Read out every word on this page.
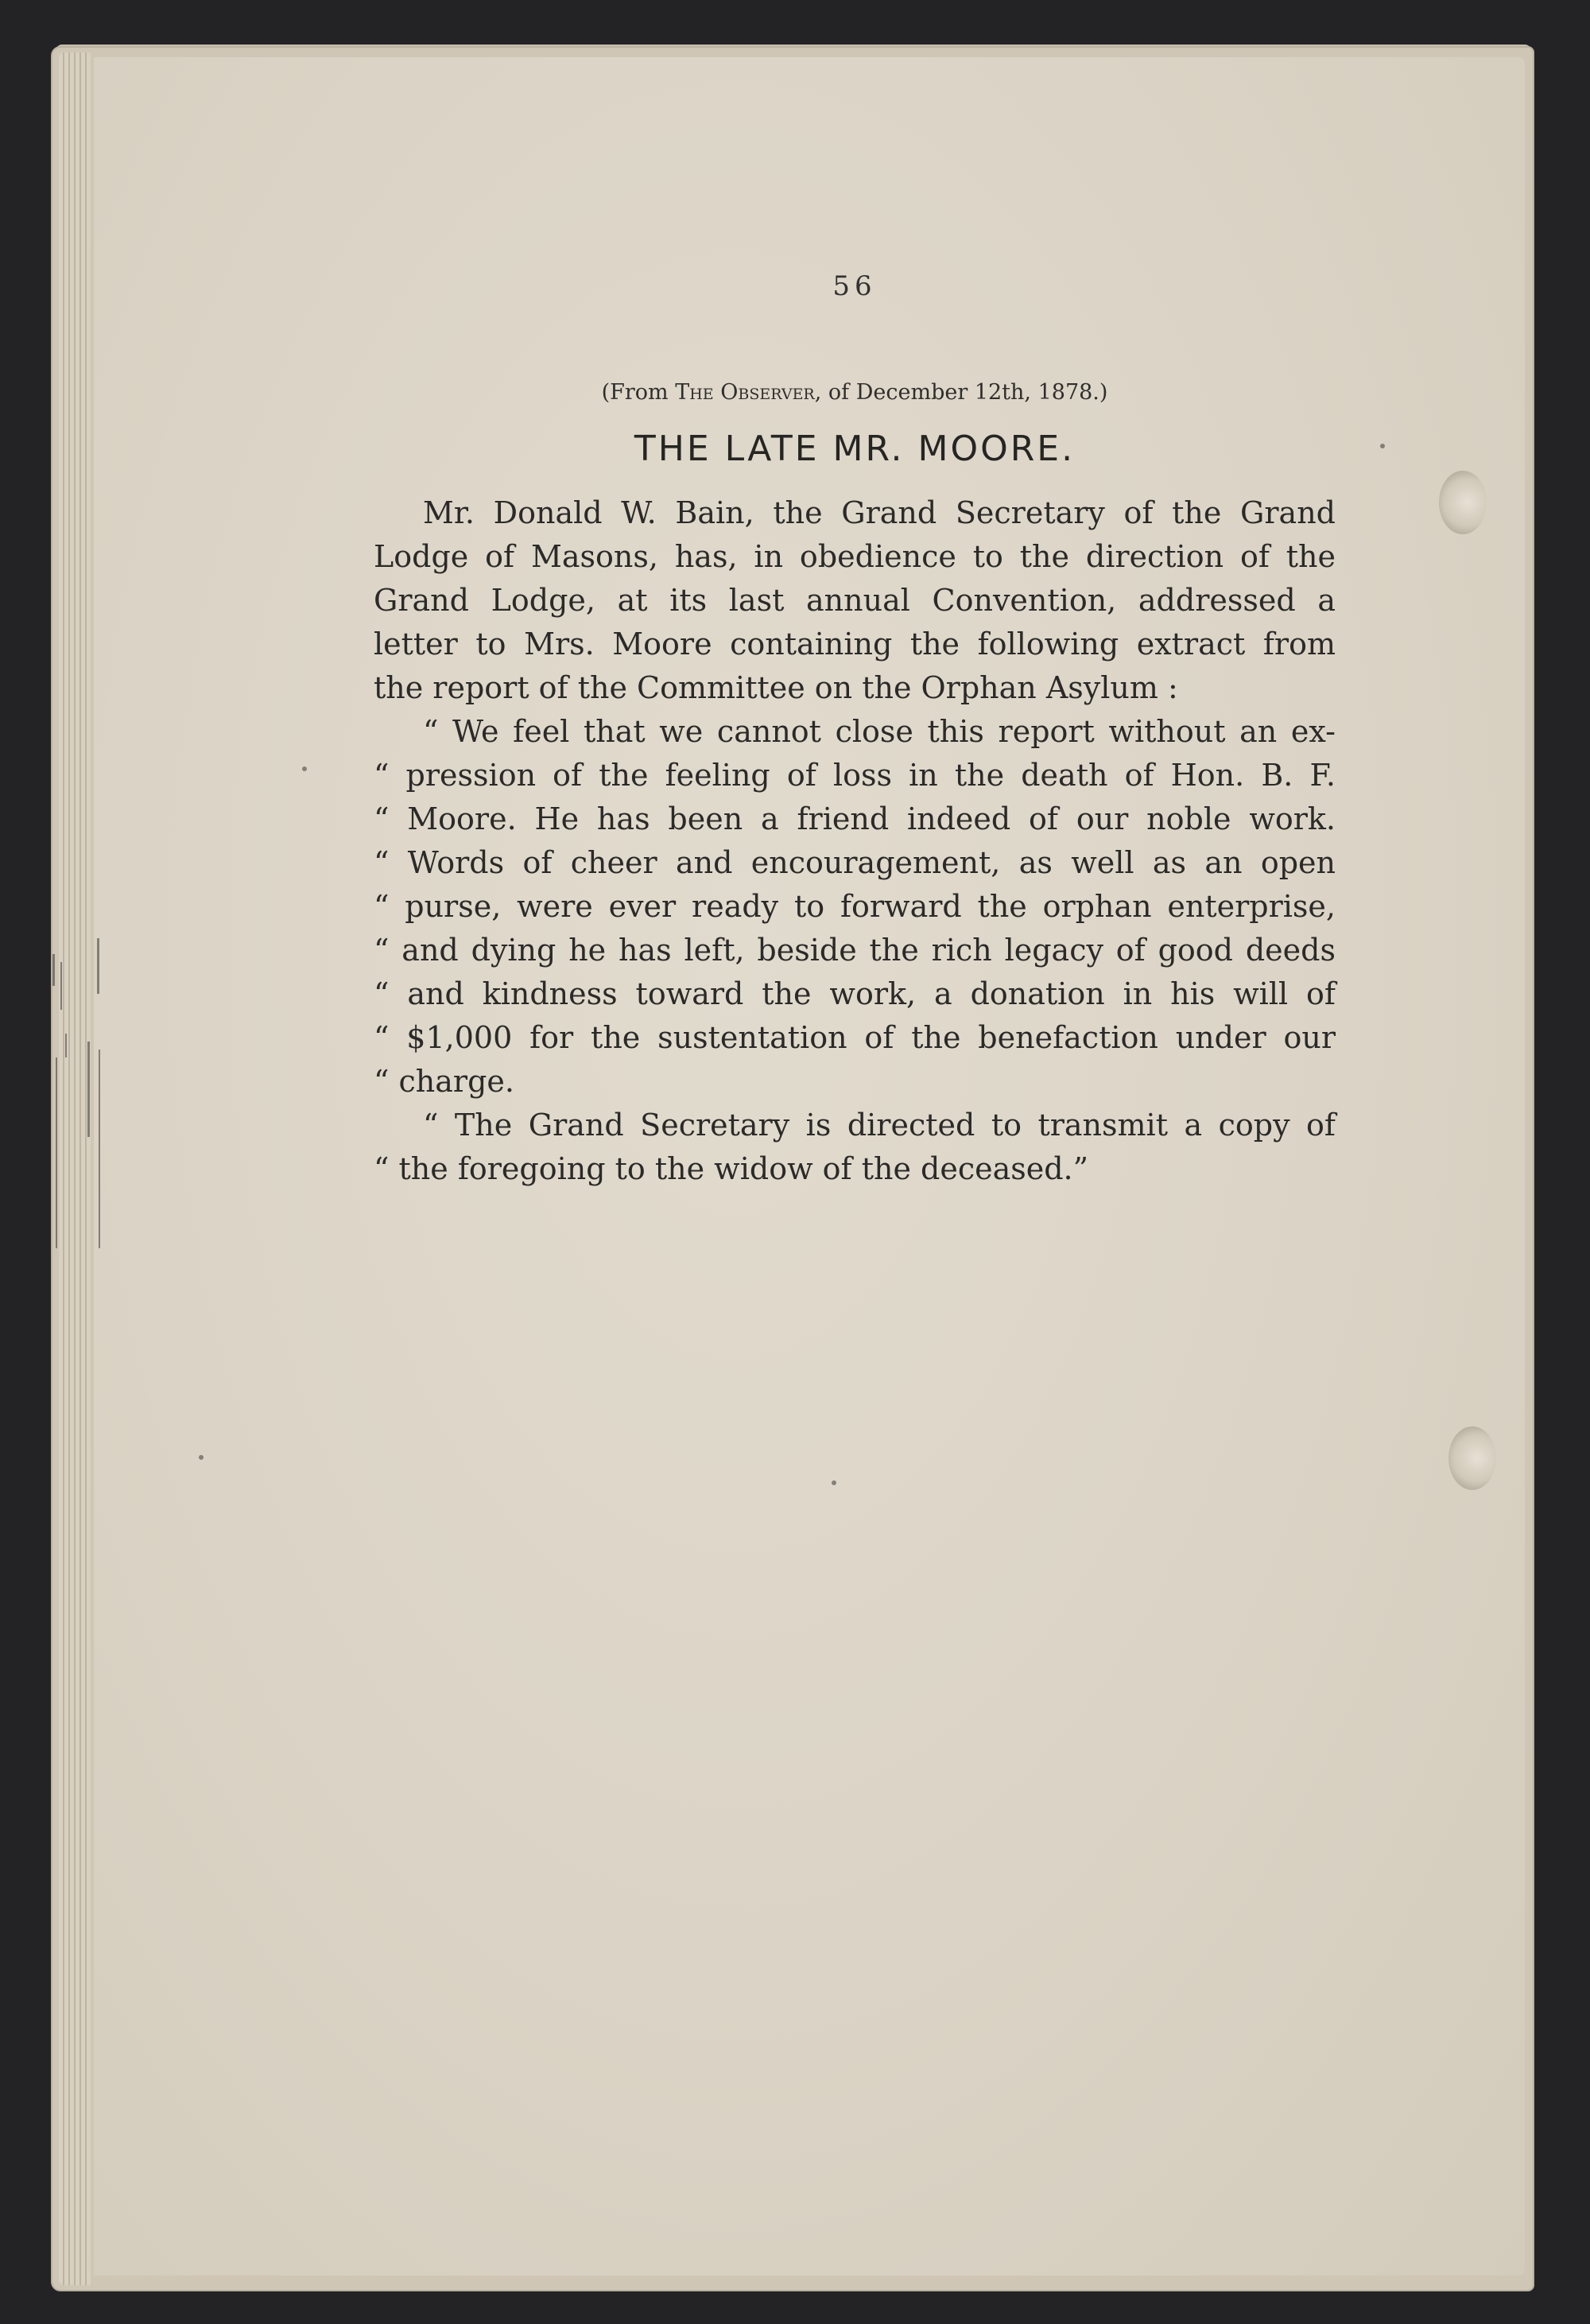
56
(From The Observer, of December 12th, 1878.)
THE LATE MR. MOORE.
Mr. Donald W. Bain, the Grand Secretary of the Grand
Lodge of Masons, has, in obedience to the direction of the
Grand Lodge, at its last annual Convention, addressed a
letter to Mrs. Moore containing the following extract from
the report of the Committee on the Orphan Asylum :
“ We feel that we cannot close this report without an ex-
“ pression of the feeling of loss in the death of Hon. B. F.
“ Moore. He has been a friend indeed of our noble work.
“ Words of cheer and encouragement, as well as an open
“ purse, were ever ready to forward the orphan enterprise,
“ and dying he has left, beside the rich legacy of good deeds
“ and kindness toward the work, a donation in his will of
“ $1,000 for the sustentation of the benefaction under our
“ charge.
“ The Grand Secretary is directed to transmit a copy of
“ the foregoing to the widow of the deceased.”
